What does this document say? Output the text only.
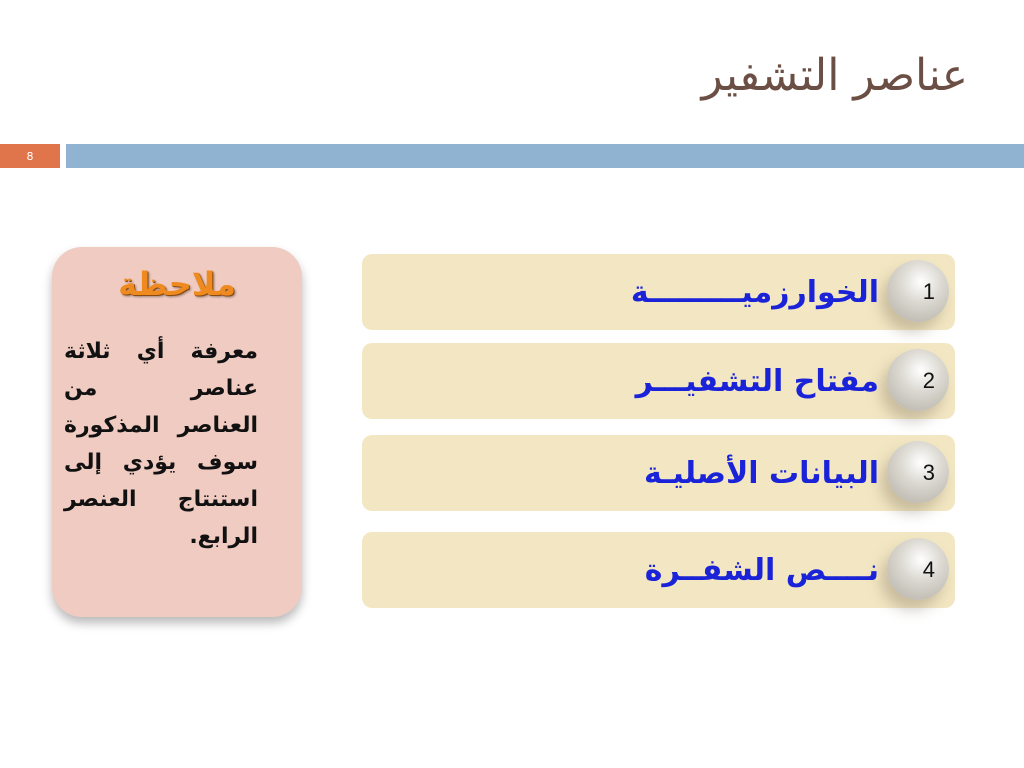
عناصر التشفير
8
ملاحظة
معرفة أي ثلاثة عناصر من العناصر المذكورة سوف يؤدي إلى استنتاج العنصر الرابع.
1
الخوارزميـــــــــة
2
مفتاح التشفيـــر
3
البيانات الأصليـة
4
نــــص الشفــرة
